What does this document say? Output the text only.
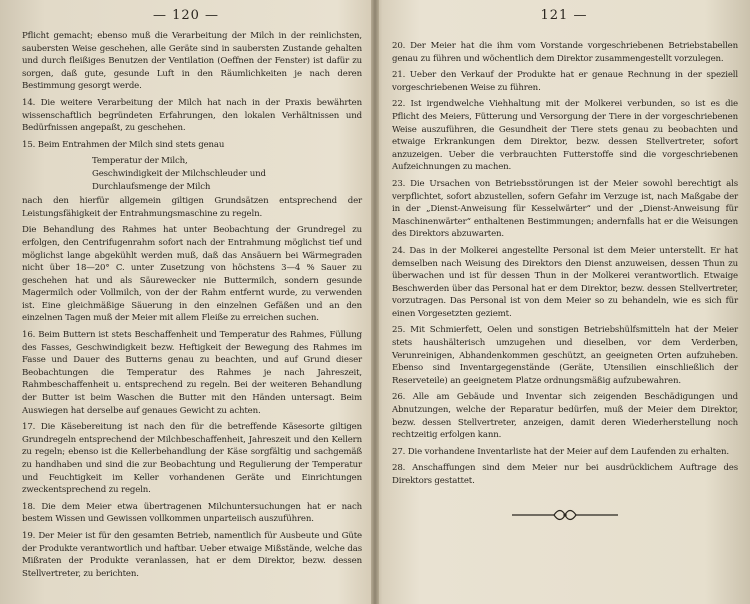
— 120 —

Pflicht gemacht; ebenso muß die Verarbeitung der Milch in der reinlichsten, saubersten Weise geschehen, alle Geräte sind in saubersten Zustande gehalten und durch fleißiges Benutzen der Ventilation (Oeffnen der Fenster) ist dafür zu sorgen, daß gute, gesunde Luft in den Räumlichkeiten je nach deren Bestimmung gesorgt werde.

14. Die weitere Verarbeitung der Milch hat nach in der Praxis bewährten wissenschaftlich begründeten Erfahrungen, den lokalen Verhältnissen und Bedürfnissen angepaßt, zu geschehen.

15. Beim Entrahmen der Milch sind stets genau

Temperatur der Milch,
Geschwindigkeit der Milchschleuder und
Durchlaufsmenge der Milch

nach den hierfür allgemein giltigen Grundsätzen entsprechend der Leistungsfähigkeit der Entrahmungsmaschine zu regeln.

Die Behandlung des Rahmes hat unter Beobachtung der Grundregel zu erfolgen, den Centrifugenrahm sofort nach der Entrahmung möglichst tief und möglichst lange abgekühlt werden muß, daß das Ansäuern bei Wärmegraden nicht über 18—20° C. unter Zusetzung von höchstens 3—4 % Sauer zu geschehen hat und als Säurewecker nie Buttermilch, sondern gesunde Magermilch oder Vollmilch, von der der Rahm entfernt wurde, zu verwenden ist. Eine gleichmäßige Säuerung in den einzelnen Gefäßen und an den einzelnen Tagen muß der Meier mit allem Fleiße zu erreichen suchen.

16. Beim Buttern ist stets Beschaffenheit und Temperatur des Rahmes, Füllung des Fasses, Geschwindigkeit bezw. Heftigkeit der Bewegung des Rahmes im Fasse und Dauer des Butterns genau zu beachten, und auf Grund dieser Beobachtungen die Temperatur des Rahmes je nach Jahreszeit, Rahmbeschaffenheit u. entsprechend zu regeln. Bei der weiteren Behandlung der Butter ist beim Waschen die Butter mit den Händen untersagt. Beim Auswiegen hat derselbe auf genaues Gewicht zu achten.

17. Die Käsebereitung ist nach den für die betreffende Käsesorte giltigen Grundregeln entsprechend der Milchbeschaffenheit, Jahreszeit und den Kellern zu regeln; ebenso ist die Kellerbehandlung der Käse sorgfältig und sachgemäß zu handhaben und sind die zur Beobachtung und Regulierung der Temperatur und Feuchtigkeit im Keller vorhandenen Geräte und Einrichtungen zweckentsprechend zu regeln.

18. Die dem Meier etwa übertragenen Milchuntersuchungen hat er nach bestem Wissen und Gewissen vollkommen unparteiisch auszuführen.

19. Der Meier ist für den gesamten Betrieb, namentlich für Ausbeute und Güte der Produkte verantwortlich und haftbar. Ueber etwaige Mißstände, welche das Mißraten der Produkte veranlassen, hat er dem Direktor, bezw. dessen Stellvertreter, zu berichten.

121 —

20. Der Meier hat die ihm vom Vorstande vorgeschriebenen Betriebstabellen genau zu führen und wöchentlich dem Direktor zusammengestellt vorzulegen.

21. Ueber den Verkauf der Produkte hat er genaue Rechnung in der speziell vorgeschriebenen Weise zu führen.

22. Ist irgendwelche Viehhaltung mit der Molkerei verbunden, so ist es die Pflicht des Meiers, Fütterung und Versorgung der Tiere in der vorgeschriebenen Weise auszuführen, die Gesundheit der Tiere stets genau zu beobachten und etwaige Erkrankungen dem Direktor, bezw. dessen Stellvertreter, sofort anzuzeigen. Ueber die verbrauchten Futterstoffe sind die vorgeschriebenen Aufzeichnungen zu machen.

23. Die Ursachen von Betriebsstörungen ist der Meier sowohl berechtigt als verpflichtet, sofort abzustellen, sofern Gefahr im Verzuge ist, nach Maßgabe der in der „Dienst-Anweisung für Kesselwärter“ und der „Dienst-Anweisung für Maschinenwärter“ enthaltenen Bestimmungen; andernfalls hat er die Weisungen des Direktors abzuwarten.

24. Das in der Molkerei angestellte Personal ist dem Meier unterstellt. Er hat demselben nach Weisung des Direktors den Dienst anzuweisen, dessen Thun zu überwachen und ist für dessen Thun in der Molkerei verantwortlich. Etwaige Beschwerden über das Personal hat er dem Direktor, bezw. dessen Stellvertreter, vorzutragen. Das Personal ist von dem Meier so zu behandeln, wie es sich für einen Vorgesetzten geziemt.

25. Mit Schmierfett, Oelen und sonstigen Betriebshülfsmitteln hat der Meier stets haushälterisch umzugehen und dieselben, vor dem Verderben, Verunreinigen, Abhandenkommen geschützt, an geeigneten Orten aufzuheben. Ebenso sind Inventargegenstände (Geräte, Utensilien einschließlich der Reserveteile) an geeignetem Platze ordnungsmäßig aufzubewahren.

26. Alle am Gebäude und Inventar sich zeigenden Beschädigungen und Abnutzungen, welche der Reparatur bedürfen, muß der Meier dem Direktor, bezw. dessen Stellvertreter, anzeigen, damit deren Wiederherstellung noch rechtzeitig erfolgen kann.

27. Die vorhandene Inventarliste hat der Meier auf dem Laufenden zu erhalten.

28. Anschaffungen sind dem Meier nur bei ausdrücklichem Auftrage des Direktors gestattet.
